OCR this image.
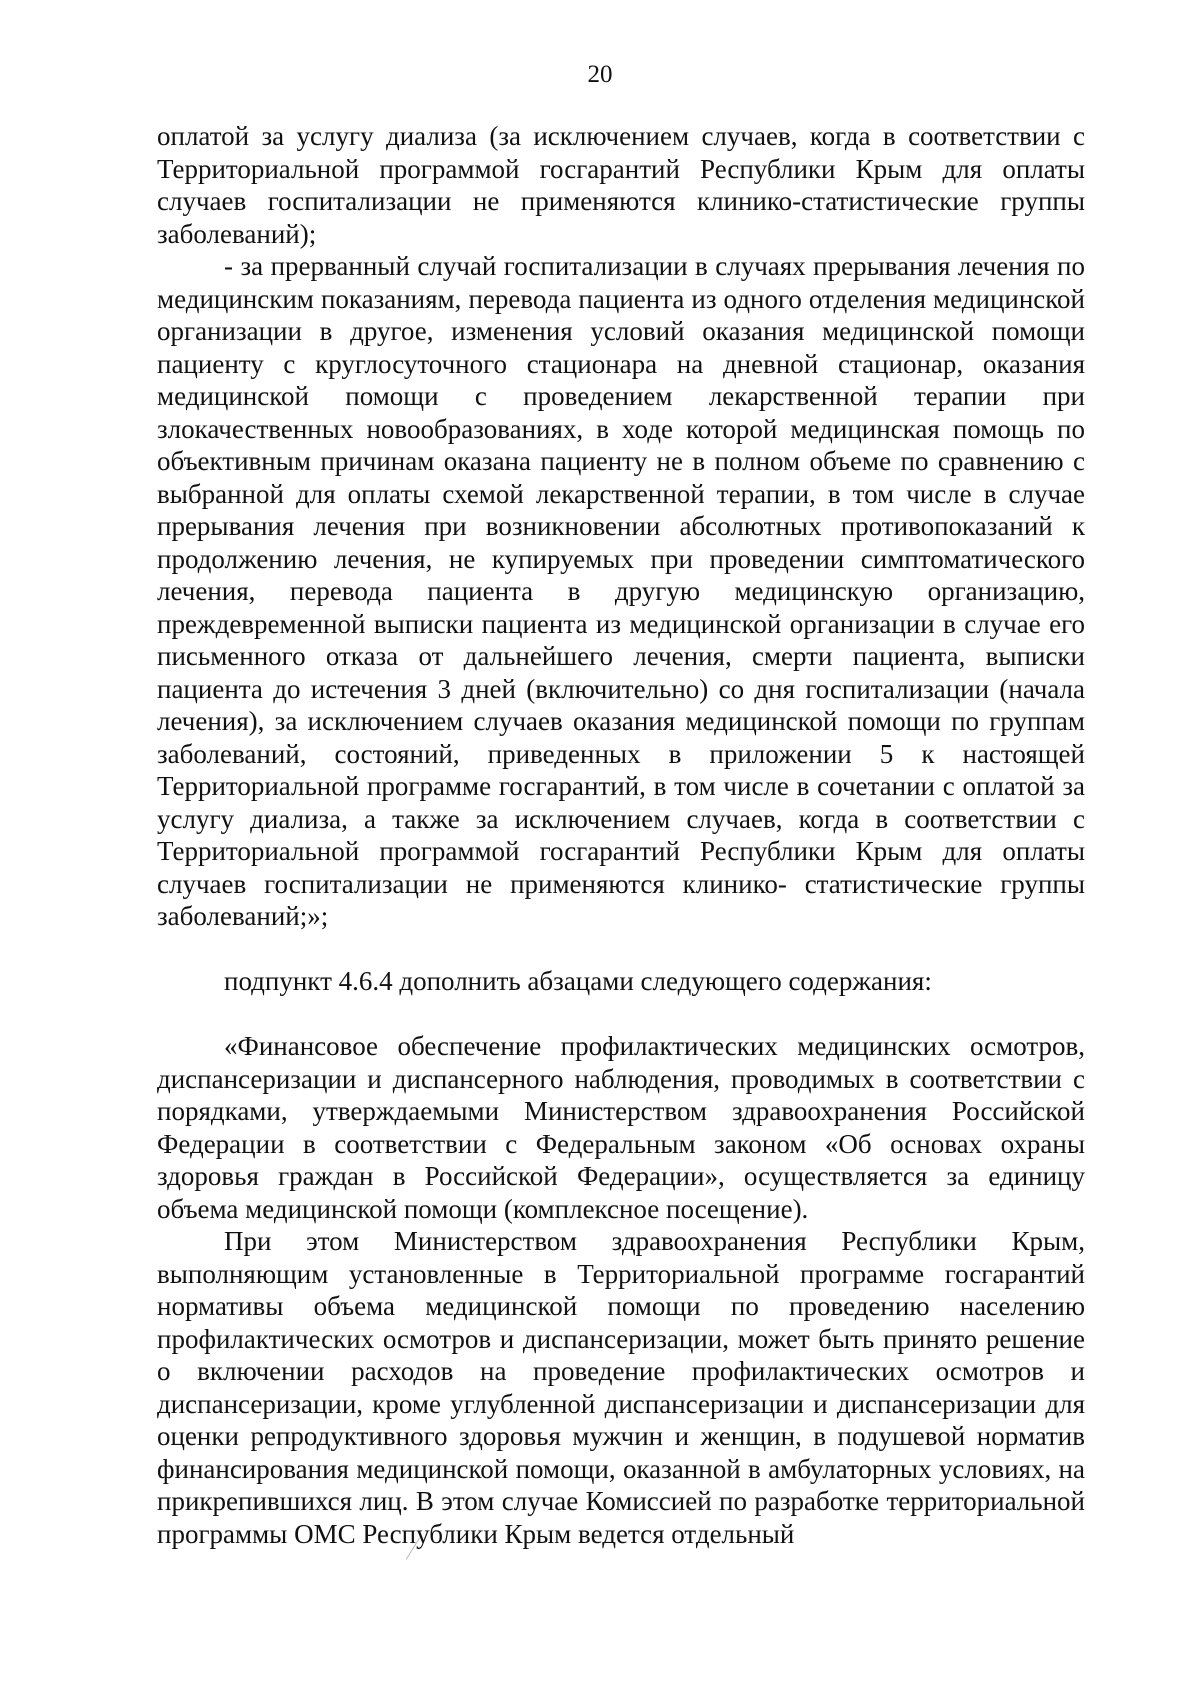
20

оплатой за услугу диализа (за исключением случаев, когда в соответствии с Территориальной программой госгарантий Республики Крым для оплаты случаев госпитализации не применяются клинико-статистические группы заболеваний);

- за прерванный случай госпитализации в случаях прерывания лечения по медицинским показаниям, перевода пациента из одного отделения медицинской организации в другое, изменения условий оказания медицинской помощи пациенту с круглосуточного стационара на дневной стационар, оказания медицинской помощи с проведением лекарственной терапии при злокачественных новообразованиях, в ходе которой медицинская помощь по объективным причинам оказана пациенту не в полном объеме по сравнению с выбранной для оплаты схемой лекарственной терапии, в том числе в случае прерывания лечения при возникновении абсолютных противопоказаний к продолжению лечения, не купируемых при проведении симптоматического лечения, перевода пациента в другую медицинскую организацию, преждевременной выписки пациента из медицинской организации в случае его письменного отказа от дальнейшего лечения, смерти пациента, выписки пациента до истечения 3 дней (включительно) со дня госпитализации (начала лечения), за исключением случаев оказания медицинской помощи по группам заболеваний, состояний, приведенных в приложении 5 к настоящей Территориальной программе госгарантий, в том числе в сочетании с оплатой за услугу диализа, а также за исключением случаев, когда в соответствии с Территориальной программой госгарантий Республики Крым для оплаты случаев госпитализации не применяются клинико- статистические группы заболеваний;»;

подпункт 4.6.4 дополнить абзацами следующего содержания:

«Финансовое обеспечение профилактических медицинских осмотров, диспансеризации и диспансерного наблюдения, проводимых в соответствии с порядками, утверждаемыми Министерством здравоохранения Российской Федерации в соответствии с Федеральным законом «Об основах охраны здоровья граждан в Российской Федерации», осуществляется за единицу объема медицинской помощи (комплексное посещение).

При этом Министерством здравоохранения Республики Крым, выполняющим установленные в Территориальной программе госгарантий нормативы объема медицинской помощи по проведению населению профилактических осмотров и диспансеризации, может быть принято решение о включении расходов на проведение профилактических осмотров и диспансеризации, кроме углубленной диспансеризации и диспансеризации для оценки репродуктивного здоровья мужчин и женщин, в подушевой норматив финансирования медицинской помощи, оказанной в амбулаторных условиях, на прикрепившихся лиц. В этом случае Комиссией по разработке территориальной программы ОМС Республики Крым ведется отдельный
